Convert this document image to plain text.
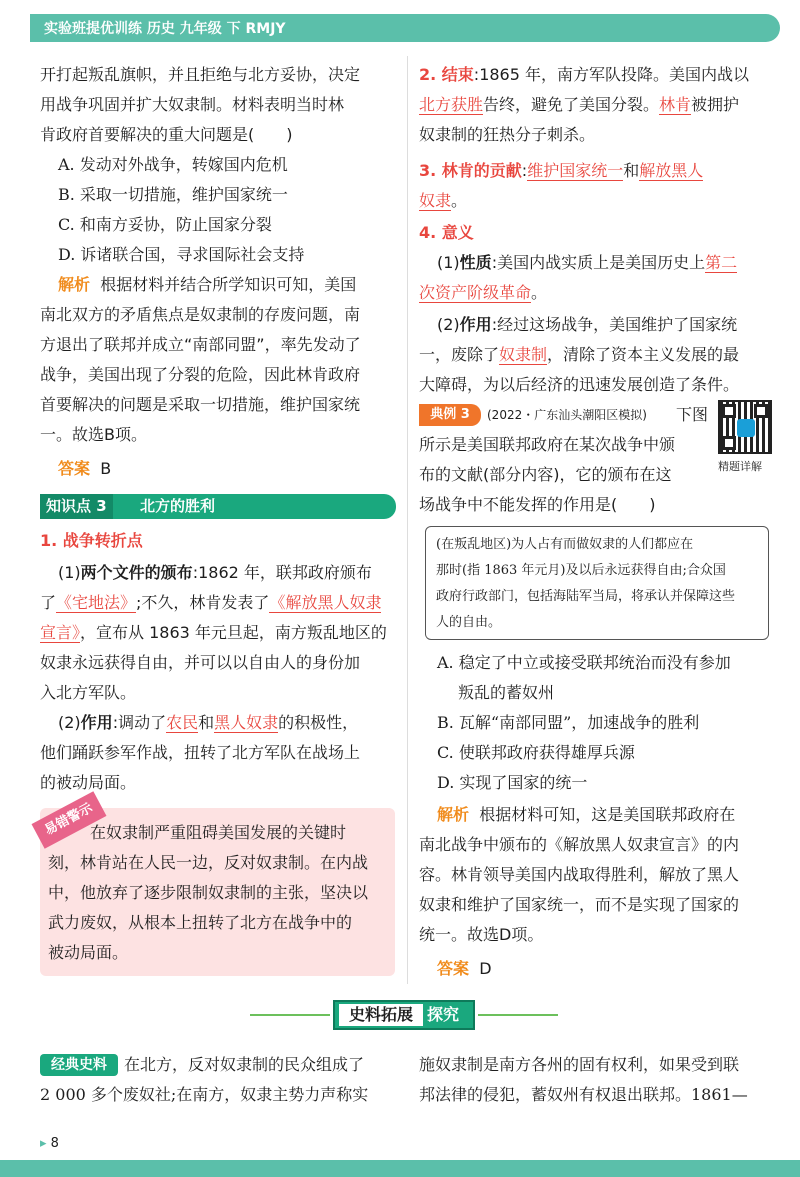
实验班提优训练 历史 九年级 下 RMJY
开打起叛乱旗帜，并且拒绝与北方妥协，决定
用战争巩固并扩大奴隶制。材料表明当时林
肯政府首要解决的重大问题是(　　)
A. 发动对外战争，转嫁国内危机
B. 采取一切措施，维护国家统一
C. 和南方妥协，防止国家分裂
D. 诉诸联合国，寻求国际社会支持
解析 根据材料并结合所学知识可知，美国
南北双方的矛盾焦点是奴隶制的存废问题，南
方退出了联邦并成立“南部同盟”，率先发动了
战争，美国出现了分裂的危险，因此林肯政府
首要解决的问题是采取一切措施，维护国家统
一。故选B项。
答案 B
知识点 3	北方的胜利
1. 战争转折点
(1)两个文件的颁布:1862 年，联邦政府颁布
了《宅地法》;不久，林肯发表了《解放黑人奴隶
宣言》，宣布从 1863 年元旦起，南方叛乱地区的
奴隶永远获得自由，并可以以自由人的身份加
入北方军队。
(2)作用:调动了农民和黑人奴隶的积极性，
他们踊跃参军作战，扭转了北方军队在战场上
的被动局面。
易错警示
在奴隶制严重阻碍美国发展的关键时
刻，林肯站在人民一边，反对奴隶制。在内战
中，他放弃了逐步限制奴隶制的主张，坚决以
武力废奴，从根本上扭转了北方在战争中的
被动局面。
2. 结束:1865 年，南方军队投降。美国内战以
北方获胜告终，避免了美国分裂。林肯被拥护
奴隶制的狂热分子刺杀。
3. 林肯的贡献:维护国家统一和解放黑人
奴隶。
4. 意义
(1)性质:美国内战实质上是美国历史上第二
次资产阶级革命。
(2)作用:经过这场战争，美国维护了国家统
一，废除了奴隶制，清除了资本主义发展的最
大障碍，为以后经济的迅速发展创造了条件。
典例 3	(2022・广东汕头潮阳区模拟) 下图
精题详解
所示是美国联邦政府在某次战争中颁
布的文献(部分内容)，它的颁布在这
场战争中不能发挥的作用是(　　)
(在叛乱地区)为人占有而做奴隶的人们都应在
那时(指 1863 年元月)及以后永远获得自由;合众国
政府行政部门，包括海陆军当局，将承认并保障这些
人的自由。
A. 稳定了中立或接受联邦统治而没有参加
叛乱的蓄奴州
B. 瓦解“南部同盟”，加速战争的胜利
C. 使联邦政府获得雄厚兵源
D. 实现了国家的统一
解析 根据材料可知，这是美国联邦政府在
南北战争中颁布的《解放黑人奴隶宣言》的内
容。林肯领导美国内战取得胜利，解放了黑人
奴隶和维护了国家统一，而不是实现了国家的
统一。故选D项。
答案 D
史料拓展 探究
经典史料	在北方，反对奴隶制的民众组成了
2 000 多个废奴社;在南方，奴隶主势力声称实
施奴隶制是南方各州的固有权利，如果受到联
邦法律的侵犯，蓄奴州有权退出联邦。1861—
▸ 8
